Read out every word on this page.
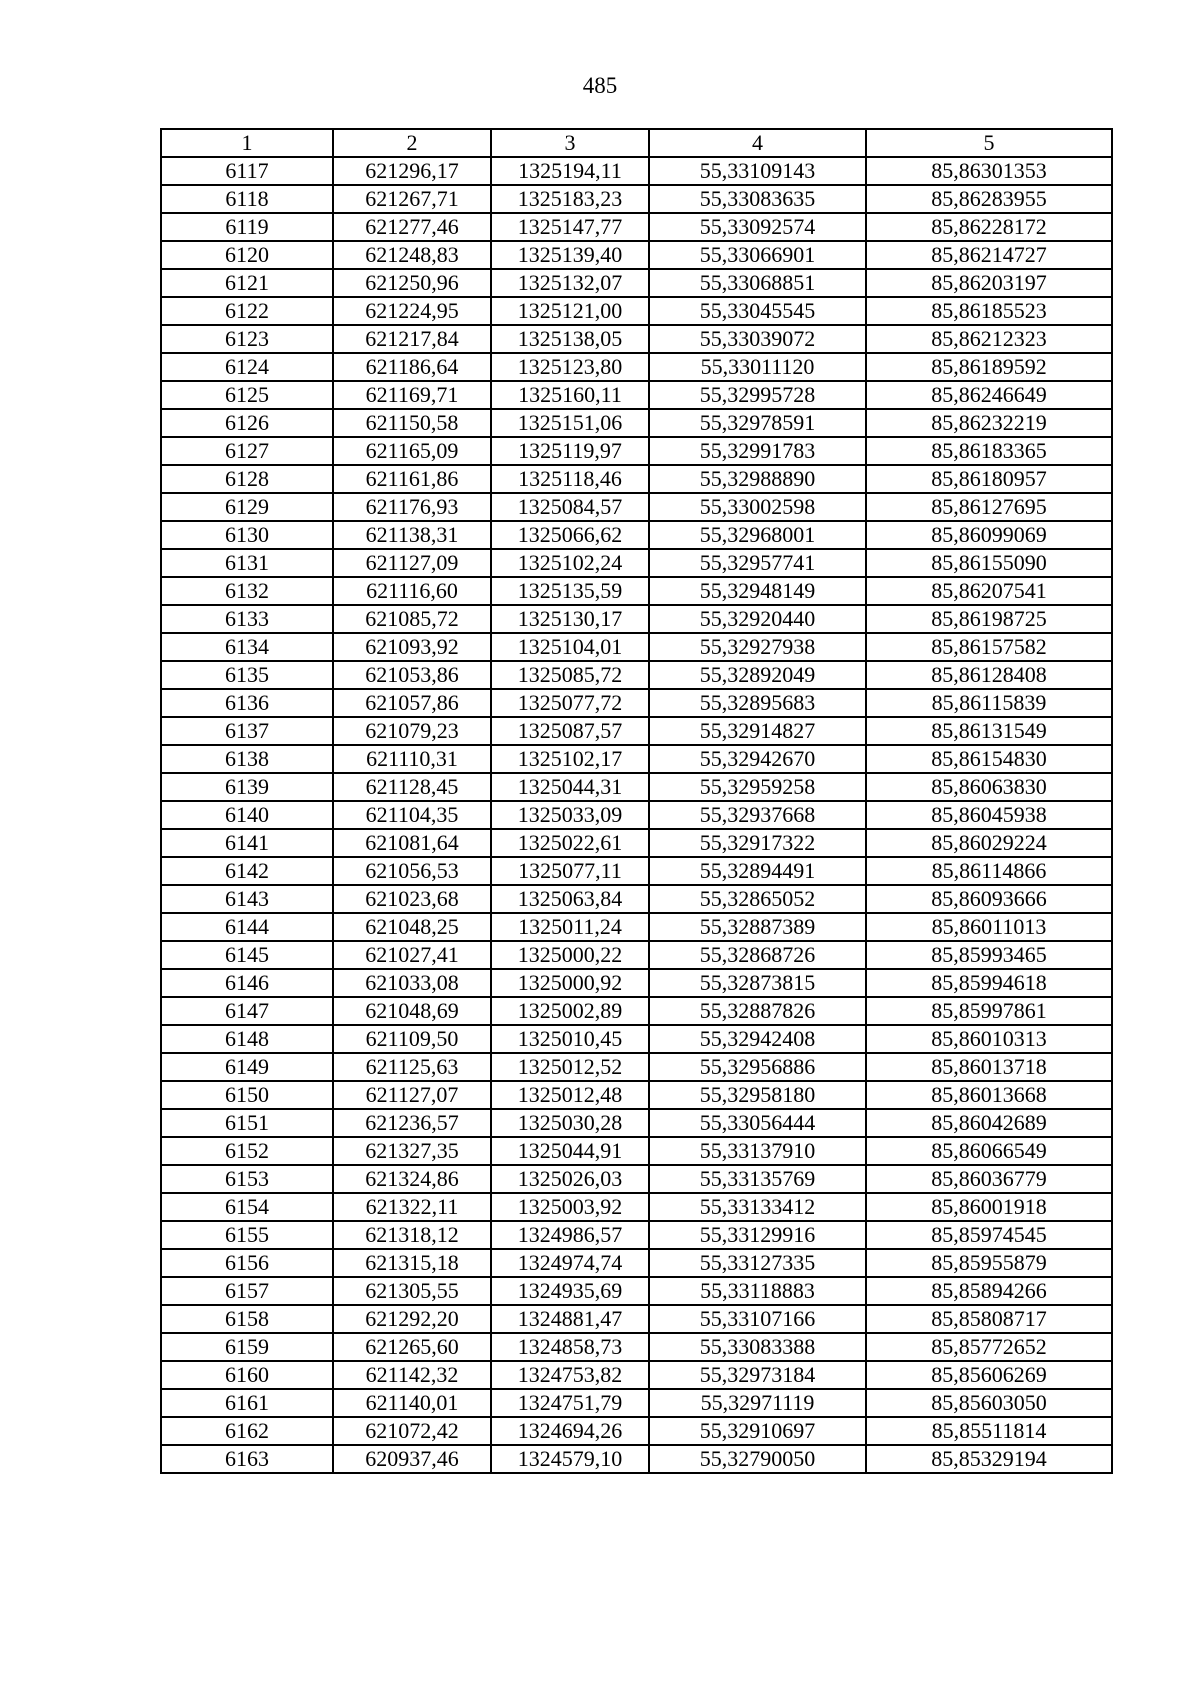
485
1	2	3	4	5
6117	621296,17	1325194,11	55,33109143	85,86301353
6118	621267,71	1325183,23	55,33083635	85,86283955
6119	621277,46	1325147,77	55,33092574	85,86228172
6120	621248,83	1325139,40	55,33066901	85,86214727
6121	621250,96	1325132,07	55,33068851	85,86203197
6122	621224,95	1325121,00	55,33045545	85,86185523
6123	621217,84	1325138,05	55,33039072	85,86212323
6124	621186,64	1325123,80	55,33011120	85,86189592
6125	621169,71	1325160,11	55,32995728	85,86246649
6126	621150,58	1325151,06	55,32978591	85,86232219
6127	621165,09	1325119,97	55,32991783	85,86183365
6128	621161,86	1325118,46	55,32988890	85,86180957
6129	621176,93	1325084,57	55,33002598	85,86127695
6130	621138,31	1325066,62	55,32968001	85,86099069
6131	621127,09	1325102,24	55,32957741	85,86155090
6132	621116,60	1325135,59	55,32948149	85,86207541
6133	621085,72	1325130,17	55,32920440	85,86198725
6134	621093,92	1325104,01	55,32927938	85,86157582
6135	621053,86	1325085,72	55,32892049	85,86128408
6136	621057,86	1325077,72	55,32895683	85,86115839
6137	621079,23	1325087,57	55,32914827	85,86131549
6138	621110,31	1325102,17	55,32942670	85,86154830
6139	621128,45	1325044,31	55,32959258	85,86063830
6140	621104,35	1325033,09	55,32937668	85,86045938
6141	621081,64	1325022,61	55,32917322	85,86029224
6142	621056,53	1325077,11	55,32894491	85,86114866
6143	621023,68	1325063,84	55,32865052	85,86093666
6144	621048,25	1325011,24	55,32887389	85,86011013
6145	621027,41	1325000,22	55,32868726	85,85993465
6146	621033,08	1325000,92	55,32873815	85,85994618
6147	621048,69	1325002,89	55,32887826	85,85997861
6148	621109,50	1325010,45	55,32942408	85,86010313
6149	621125,63	1325012,52	55,32956886	85,86013718
6150	621127,07	1325012,48	55,32958180	85,86013668
6151	621236,57	1325030,28	55,33056444	85,86042689
6152	621327,35	1325044,91	55,33137910	85,86066549
6153	621324,86	1325026,03	55,33135769	85,86036779
6154	621322,11	1325003,92	55,33133412	85,86001918
6155	621318,12	1324986,57	55,33129916	85,85974545
6156	621315,18	1324974,74	55,33127335	85,85955879
6157	621305,55	1324935,69	55,33118883	85,85894266
6158	621292,20	1324881,47	55,33107166	85,85808717
6159	621265,60	1324858,73	55,33083388	85,85772652
6160	621142,32	1324753,82	55,32973184	85,85606269
6161	621140,01	1324751,79	55,32971119	85,85603050
6162	621072,42	1324694,26	55,32910697	85,85511814
6163	620937,46	1324579,10	55,32790050	85,85329194
